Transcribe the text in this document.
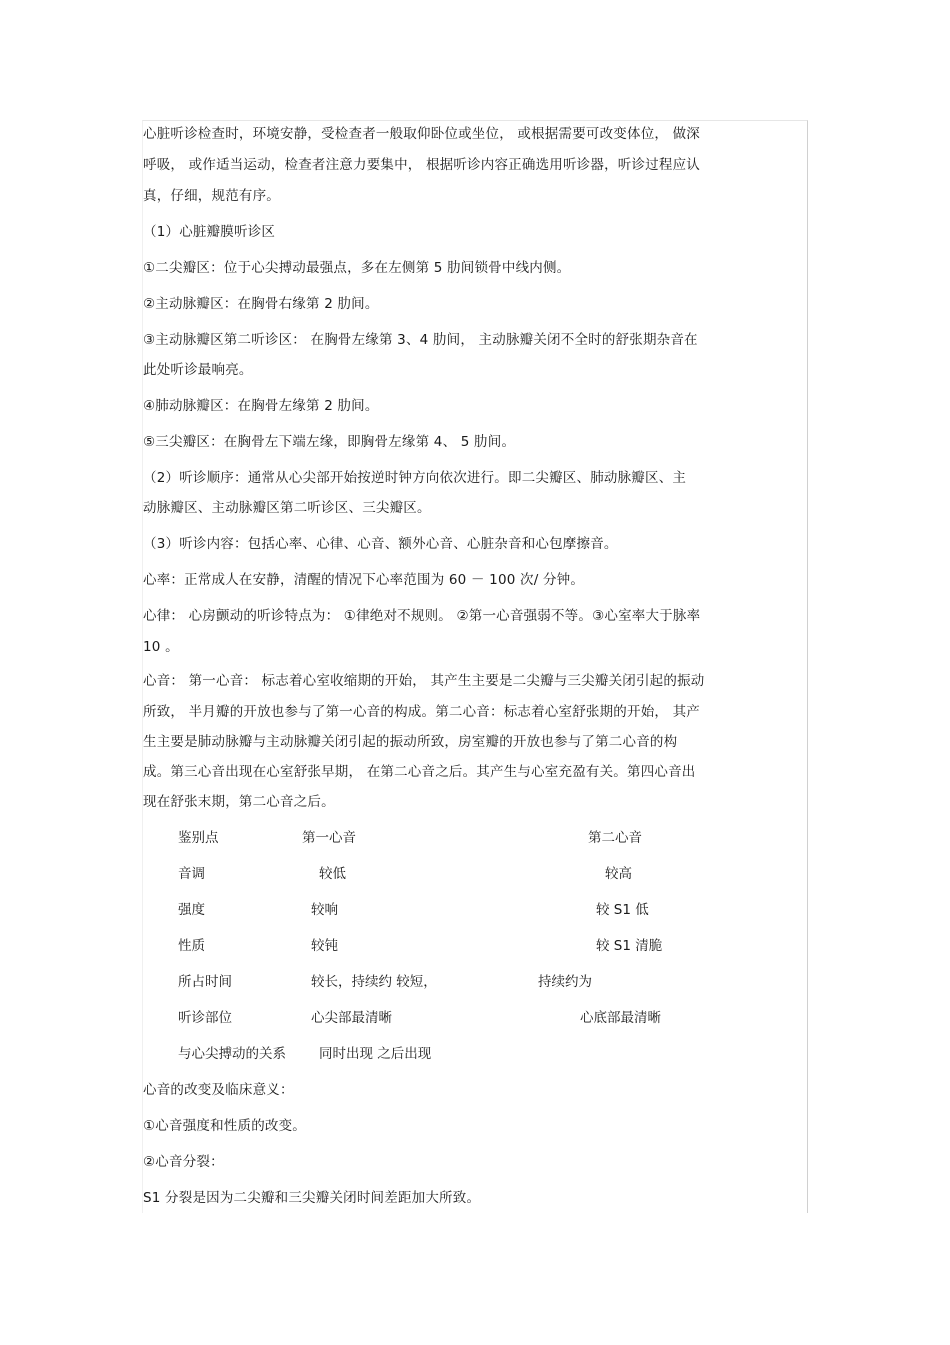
心脏听诊检查时，环境安静，受检查者一般取仰卧位或坐位， 或根据需要可改变体位， 做深
呼吸， 或作适当运动，检查者注意力要集中， 根据听诊内容正确选用听诊器，听诊过程应认
真，仔细，规范有序。
（1）心脏瓣膜听诊区
①二尖瓣区：位于心尖搏动最强点，多在左侧第 5 肋间锁骨中线内侧。
②主动脉瓣区：在胸骨右缘第 2 肋间。
③主动脉瓣区第二听诊区： 在胸骨左缘第 3、4 肋间， 主动脉瓣关闭不全时的舒张期杂音在
此处听诊最响亮。
④肺动脉瓣区：在胸骨左缘第 2 肋间。
⑤三尖瓣区：在胸骨左下端左缘，即胸骨左缘第 4、 5 肋间。
（2）听诊顺序：通常从心尖部开始按逆时钟方向依次进行。即二尖瓣区、肺动脉瓣区、主
动脉瓣区、主动脉瓣区第二听诊区、三尖瓣区。
（3）听诊内容：包括心率、心律、心音、额外心音、心脏杂音和心包摩擦音。
心率：正常成人在安静，清醒的情况下心率范围为 60 － 100 次/ 分钟。
心律： 心房颤动的听诊特点为： ①律绝对不规则。 ②第一心音强弱不等。③心室率大于脉率
10 。
心音： 第一心音： 标志着心室收缩期的开始， 其产生主要是二尖瓣与三尖瓣关闭引起的振动
所致， 半月瓣的开放也参与了第一心音的构成。第二心音：标志着心室舒张期的开始， 其产
生主要是肺动脉瓣与主动脉瓣关闭引起的振动所致，房室瓣的开放也参与了第二心音的构
成。第三心音出现在心室舒张早期， 在第二心音之后。其产生与心室充盈有关。第四心音出
现在舒张末期，第二心音之后。
鉴别点	第一心音	第二心音
音调	较低	较高
强度	较响	较 S1 低
性质	较钝	较 S1 清脆
所占时间	较长，持续约 较短，	持续约为
听诊部位	心尖部最清晰	心底部最清晰
与心尖搏动的关系 同时出现 之后出现
心音的改变及临床意义：
①心音强度和性质的改变。
②心音分裂：
S1 分裂是因为二尖瓣和三尖瓣关闭时间差距加大所致。
